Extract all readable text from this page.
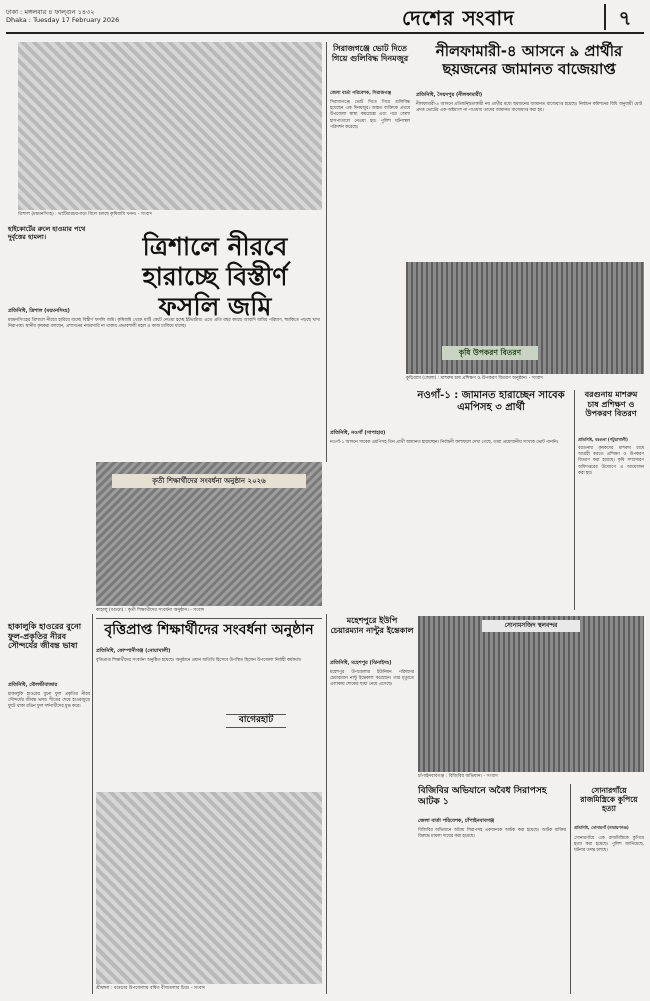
ঢাকা : মঙ্গলবার ৪ ফাল্গুন ১৪৩২
Dhaka : Tuesday 17 February 2026	দেশের সংবাদ	৭
ত্রিশাল (ময়মনসিংহ) : ভাটিয়ারচরপাড়া বিলে চলছে কৃষিজমি খনন। - সংবাদ
হাইকোর্টের রুলে হাওয়ার পথে দুর্বৃত্তের হামলা।	ত্রিশালে নীরবে হারাচ্ছে বিস্তীর্ণ ফসলি জমি
প্রতিনিধি, ত্রিশাল (ময়মনসিংহ)
ময়মনসিংহের ত্রিশালে নীরবে হারিয়ে যাচ্ছে বিস্তীর্ণ ফসলি জমি। কৃষিজমি থেকে মাটি কেটে নেওয়া হচ্ছে ইটভাটায়। এতে প্রতি বছর কমছে আবাদি জমির পরিমাণ, হুমকিতে পড়ছে খাদ্য নিরাপত্তা। স্থানীয় কৃষকরা বলছেন, প্রশাসনের নজরদারি না থাকায় প্রভাবশালী মহল এ কাজ চালিয়ে যাচ্ছে।
সিরাজগঞ্জে ভোট দিতে গিয়ে গুলিবিদ্ধ দিনমজুর
জেলা বার্তা পরিবেশক, সিরাজগঞ্জ
সিরাজগঞ্জে ভোট দিতে গিয়ে গুলিবিদ্ধ হয়েছেন এক দিনমজুর। আহত ব্যক্তিকে প্রথমে উপজেলা স্বাস্থ্য কমপ্লেক্সে এবং পরে জেলা হাসপাতালে নেওয়া হয়। পুলিশ ঘটনাস্থল পরিদর্শন করেছে।
নীলফামারী-৪ আসনে ৯ প্রার্থীর ছয়জনের জামানত বাজেয়াপ্ত
প্রতিনিধি, সৈয়দপুর (নীলফামারী)
নীলফামারী-৪ আসনে প্রতিদ্বন্দ্বিতাকারী নয় প্রার্থীর মধ্যে ছয়জনের জামানত বাজেয়াপ্ত হয়েছে। নির্বাচন কমিশনের বিধি অনুযায়ী মোট প্রদত্ত ভোটের এক-অষ্টমাংশ না পাওয়ায় তাদের জামানত বাজেয়াপ্ত করা হয়।
কৃষি উপকরণ বিতরণ
কুড়িগ্রাম (জেলা) : মাশরুম চাষ প্রশিক্ষণ ও উপকরণ বিতরণ অনুষ্ঠান। - সংবাদ
নওগাঁ-১ : জামানত হারাচ্ছেন সাবেক এমপিসহ ৩ প্রার্থী
প্রতিনিধি, নওগাঁ (সাপাহার)
নওগাঁ-১ আসনে সাবেক এমপিসহ তিন প্রার্থী জামানত হারাচ্ছেন। নির্বাচনী ফলাফলে দেখা গেছে, তারা প্রয়োজনীয় সংখ্যক ভোট পাননি।
বরগুনায় মাশরুম চাষ প্রশিক্ষণ ও উপকরণ বিতরণ
প্রতিনিধি, বরগুনা (পটুয়াখালী)
বরগুনায় কৃষকদের মাশরুম চাষে আগ্রহী করতে প্রশিক্ষণ ও উপকরণ বিতরণ করা হয়েছে। কৃষি সম্প্রসারণ অধিদপ্তরের উদ্যোগে এ আয়োজন করা হয়।
কৃতী শিক্ষার্থীদের সংবর্ধনা অনুষ্ঠান ২০২৬
কাহালু (বগুড়া) : কৃতী শিক্ষার্থীদের সংবর্ধনা অনুষ্ঠান। - সংবাদ
বৃত্তিপ্রাপ্ত শিক্ষার্থীদের সংবর্ধনা অনুষ্ঠান
প্রতিনিধি, কোম্পানীগঞ্জ (নোয়াখালী)
বৃত্তিপ্রাপ্ত শিক্ষার্থীদের সংবর্ধনা অনুষ্ঠিত হয়েছে। অনুষ্ঠানে প্রধান অতিথি হিসেবে উপস্থিত ছিলেন উপজেলা নির্বাহী কর্মকর্তা।
হাকালুকি হাওরের বুনো ফুল-প্রকৃতির নীরব সৌন্দর্যের জীবন্ত ভাষা
প্রতিনিধি, মৌলভীবাজার
হাকালুকি হাওরের বুনো ফুল প্রকৃতির নীরব সৌন্দর্যের জীবন্ত ভাষা। শীতের শেষে হাওরজুড়ে ফুটে থাকা রঙিন ফুল দর্শনার্থীদের মুগ্ধ করে।
বাগেরহাট
শ্রীমঙ্গল : বগুড়ার উপজেলায় বর্ষিত বীজতলার চিত্র। - সংবাদ
মহেশপুরে ইউপি চেয়ারম্যান নান্টুর ইন্তেকাল
প্রতিনিধি, মহেশপুর (ঝিনাইদহ)
মহেশপুর উপজেলার ইউনিয়ন পরিষদের চেয়ারম্যান নান্টু ইন্তেকাল করেছেন। তার মৃত্যুতে এলাকায় শোকের ছায়া নেমে এসেছে।
সোনামসজিদ স্থলবন্দর
চাঁপাইনবাবগঞ্জ : বিজিবির অভিযান। - সংবাদ
বিজিবির অভিযানে অবৈধ সিরাপসহ আটক ১
জেলা বার্তা পরিবেশক, চাঁপাইনবাবগঞ্জ
বিজিবির অভিযানে অবৈধ সিরাপসহ একজনকে আটক করা হয়েছে। আটক ব্যক্তির বিরুদ্ধে মামলা দায়ের করা হয়েছে।
সোনারগাঁয়ে রাজমিস্ত্রিকে কুপিয়ে হত্যা
প্রতিনিধি, সোনারগাঁ (নারায়ণগঞ্জ)
সোনারগাঁয়ে এক রাজমিস্ত্রিকে কুপিয়ে হত্যা করা হয়েছে। পুলিশ জানিয়েছে, ঘটনার তদন্ত চলছে।
